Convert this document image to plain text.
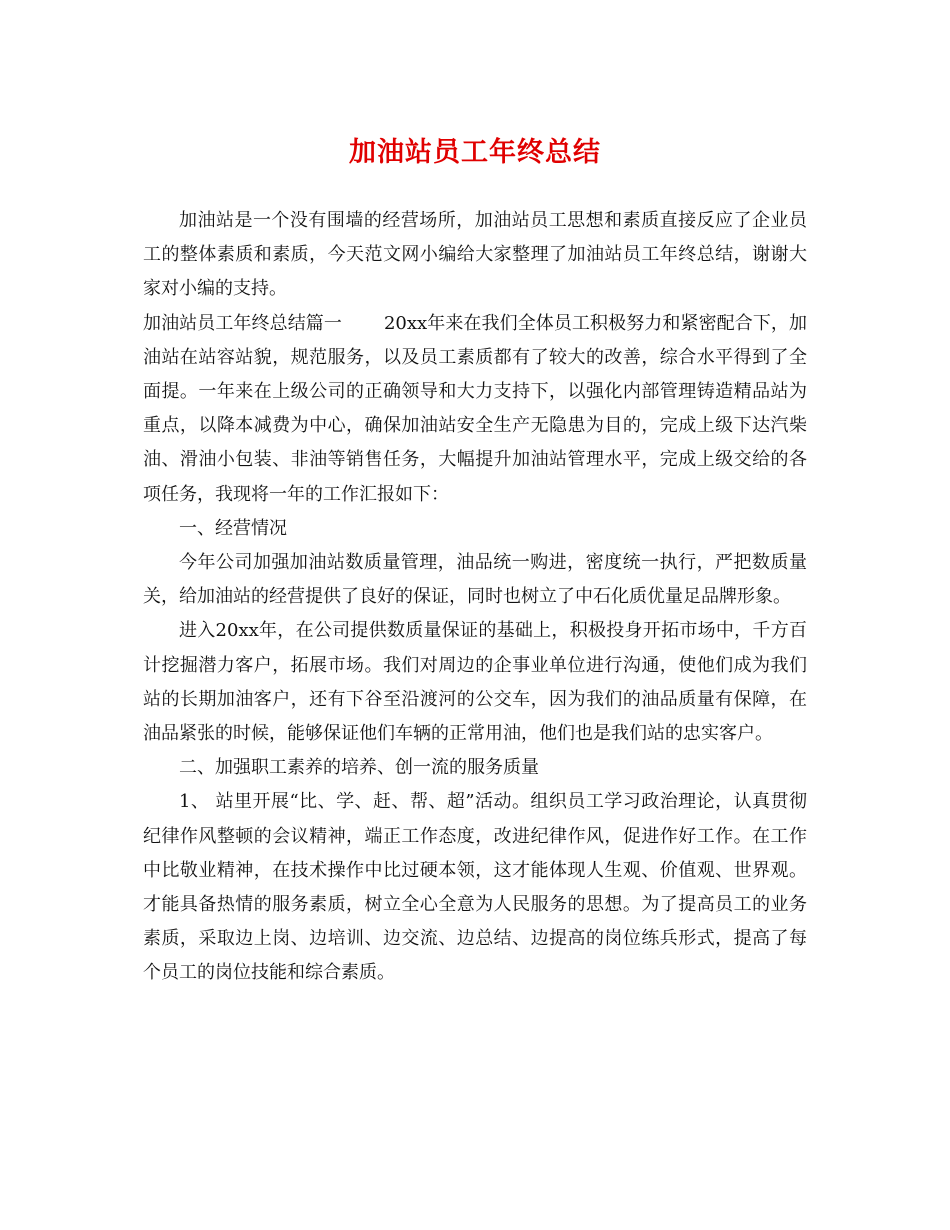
加油站员工年终总结

加油站是一个没有围墙的经营场所，加油站员工思想和素质直接反应了企业员工的整体素质和素质，今天范文网小编给大家整理了加油站员工年终总结，谢谢大家对小编的支持。

加油站员工年终总结篇一 20xx年来在我们全体员工积极努力和紧密配合下，加油站在站容站貌，规范服务，以及员工素质都有了较大的改善，综合水平得到了全面提。一年来在上级公司的正确领导和大力支持下，以强化内部管理铸造精品站为重点，以降本减费为中心，确保加油站安全生产无隐患为目的，完成上级下达汽柴油、滑油小包装、非油等销售任务，大幅提升加油站管理水平，完成上级交给的各项任务，我现将一年的工作汇报如下：

一、经营情况

今年公司加强加油站数质量管理，油品统一购进，密度统一执行，严把数质量关，给加油站的经营提供了良好的保证，同时也树立了中石化质优量足品牌形象。

进入20xx年，在公司提供数质量保证的基础上，积极投身开拓市场中，千方百计挖掘潜力客户，拓展市场。我们对周边的企事业单位进行沟通，使他们成为我们站的长期加油客户，还有下谷至沿渡河的公交车，因为我们的油品质量有保障，在油品紧张的时候，能够保证他们车辆的正常用油，他们也是我们站的忠实客户。

二、加强职工素养的培养、创一流的服务质量

1、 站里开展“比、学、赶、帮、超”活动。组织员工学习政治理论，认真贯彻纪律作风整顿的会议精神，端正工作态度，改进纪律作风，促进作好工作。在工作中比敬业精神，在技术操作中比过硬本领，这才能体现人生观、价值观、世界观。才能具备热情的服务素质，树立全心全意为人民服务的思想。为了提高员工的业务素质，采取边上岗、边培训、边交流、边总结、边提高的岗位练兵形式，提高了每个员工的岗位技能和综合素质。
